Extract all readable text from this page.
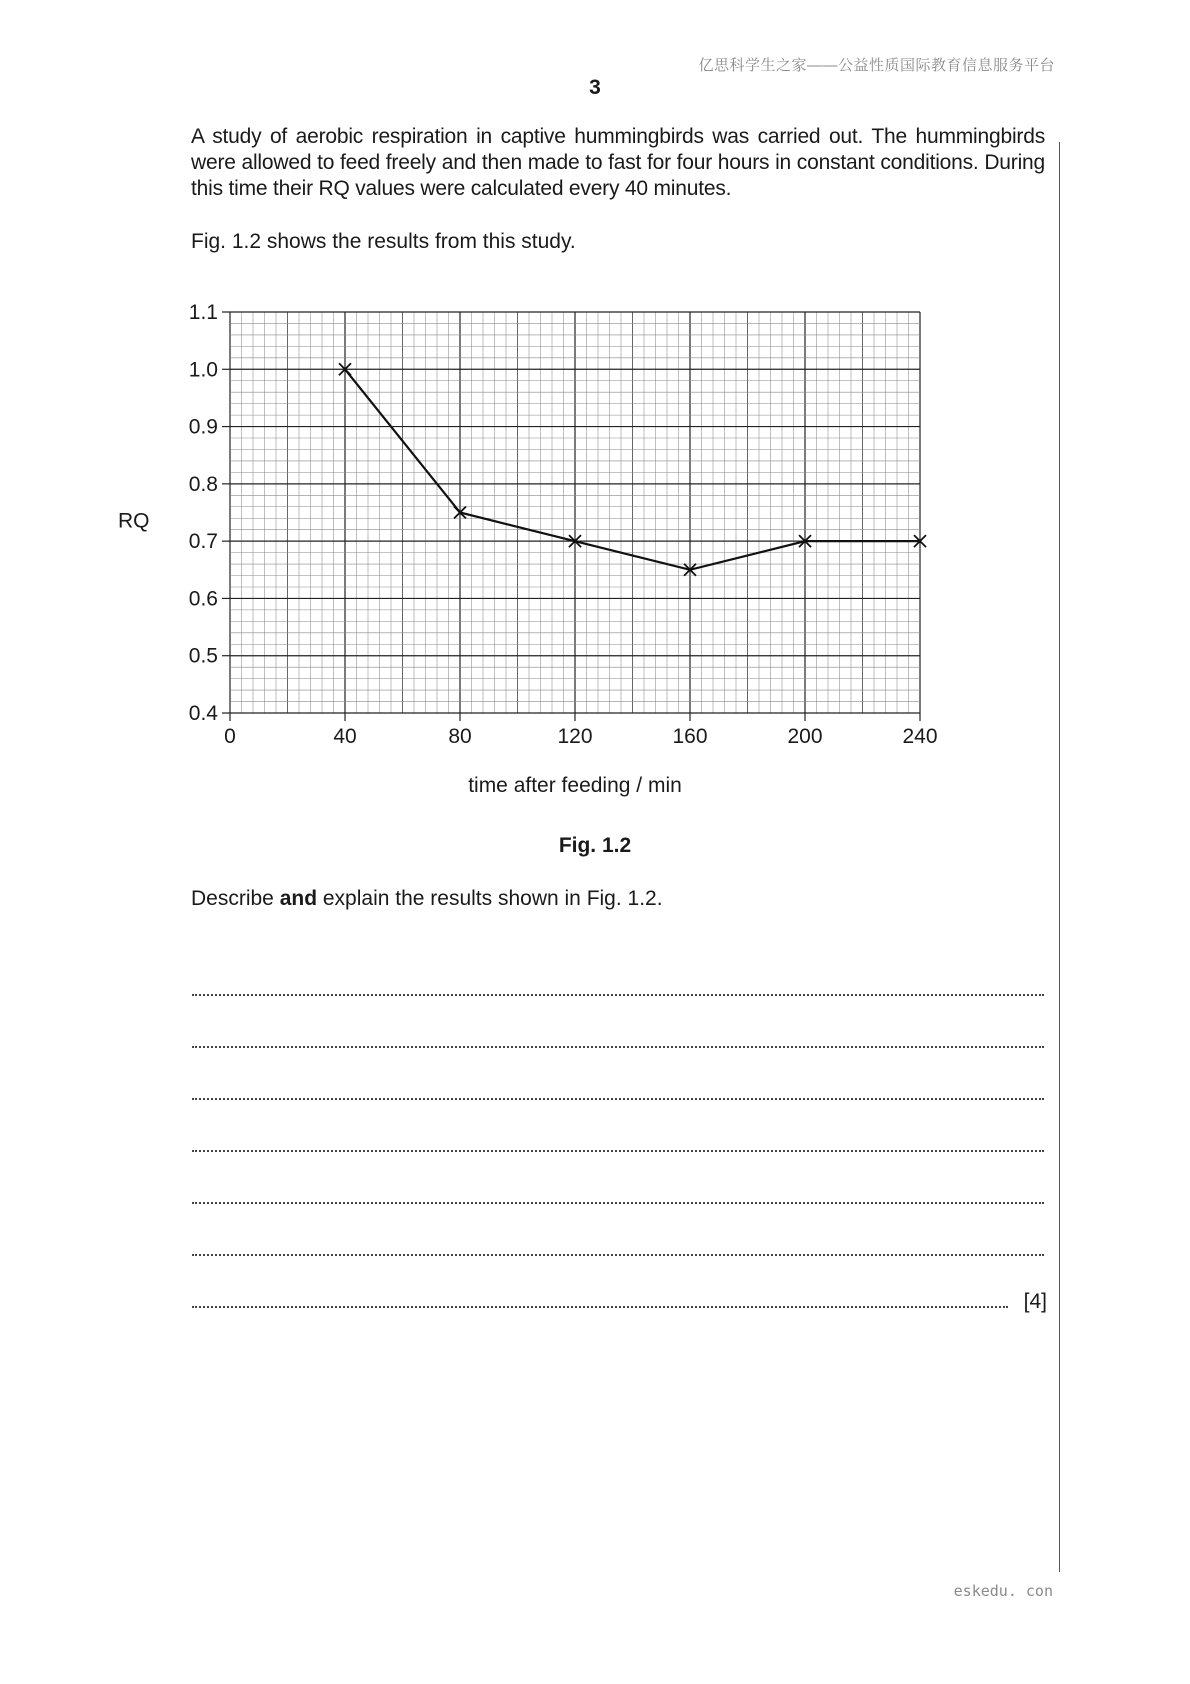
亿思科学生之家——公益性质国际教育信息服务平台
3

A study of aerobic respiration in captive hummingbirds was carried out. The hummingbirds were allowed to feed freely and then made to fast for four hours in constant conditions. During this time their RQ values were calculated every 40 minutes.

Fig. 1.2 shows the results from this study.
0.4
0.5
0.6
0.7
0.8
0.9
1.0
1.1
0	40	80	120	160	200	240
time after feeding / min
RQ
Fig. 1.2
Describe and explain the results shown in Fig. 1.2.
[4]
eskedu. con
